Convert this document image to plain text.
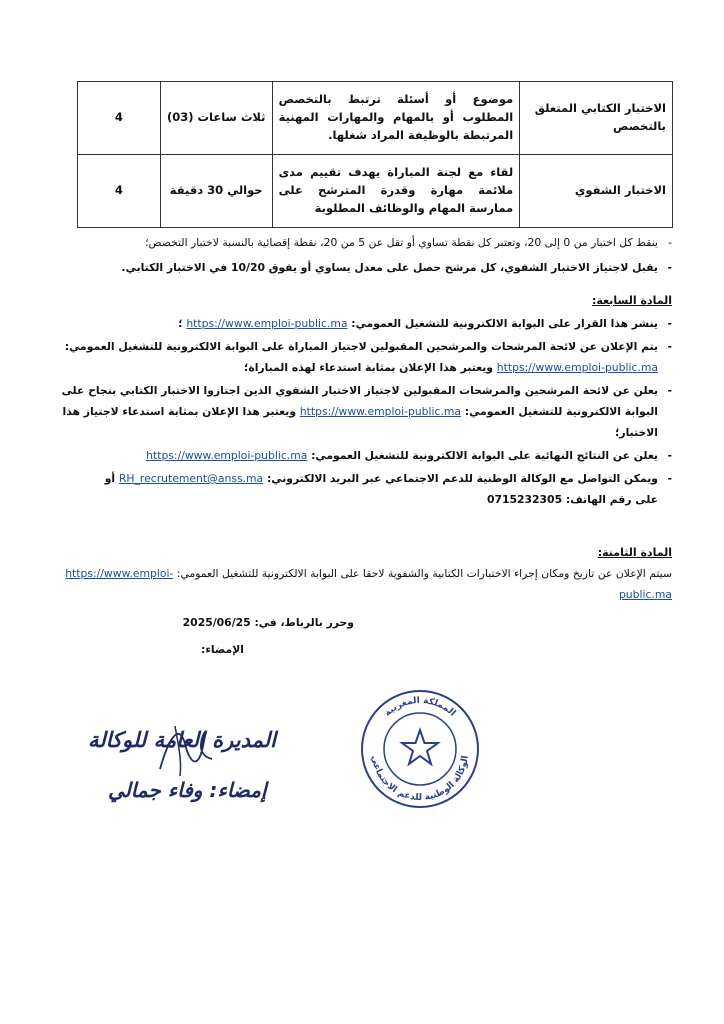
الاختبار الكتابي المتعلق بالتخصص	موضوع أو أسئلة ترتبط بالتخصص المطلوب أو بالمهام والمهارات المهنية المرتبطة بالوظيفة المراد شغلها.	ثلاث ساعات (03)	4
الاختبار الشفوي	لقاء مع لجنة المباراة يهدف تقييم مدى ملائمة مهارة وقدرة المترشح على ممارسة المهام والوظائف المطلوبة	حوالي 30 دقيقة	4
- ينقط كل اختبار من 0 إلى 20، وتعتبر كل نقطة تساوي أو تقل عن 5 من 20، نقطة إقصائية بالنسبة لاختبار التخصص؛
- يقبل لاجتياز الاختبار الشفوي، كل مرشح حصل على معدل يساوي أو يفوق 10/20 في الاختبار الكتابي.
المادة السابعة:
- ينشر هذا القرار على البوابة الالكترونية للتشغيل العمومي: https://www.emploi-public.ma ؛
- يتم الإعلان عن لائحة المرشحات والمرشحين المقبولين لاجتياز المباراة على البوابة الالكترونية للتشغيل العمومي: https://www.emploi-public.ma ويعتبر هذا الإعلان بمثابة استدعاء لهذه المباراة؛
- يعلن عن لائحة المرشحين والمرشحات المقبولين لاجتياز الاختبار الشفوي الذين اجتازوا الاختبار الكتابي بنجاح على البوابة الالكترونية للتشغيل العمومي: https://www.emploi-public.ma ويعتبر هذا الإعلان بمثابة استدعاء لاجتياز هذا الاختبار؛
- يعلن عن النتائج النهائية على البوابة الالكترونية للتشغيل العمومي: https://www.emploi-public.ma
- ويمكن التواصل مع الوكالة الوطنية للدعم الاجتماعي عبر البريد الالكتروني: RH_recrutement@anss.ma أو
على رقم الهاتف: 0715232305
المادة الثامنة:
سيتم الإعلان عن تاريخ ومكان إجراء الاختبارات الكتابية والشفوية لاحقا على البوابة الالكترونية للتشغيل العمومي: https://www.emploi-public.ma
وحرر بالرباط، في: 2025/06/25
الإمضاء:
المملكة المغربية
الوكالة الوطنية للدعم الاجتماعي
المديرة العامة للوكالة
إمضاء: وفاء جمالي
